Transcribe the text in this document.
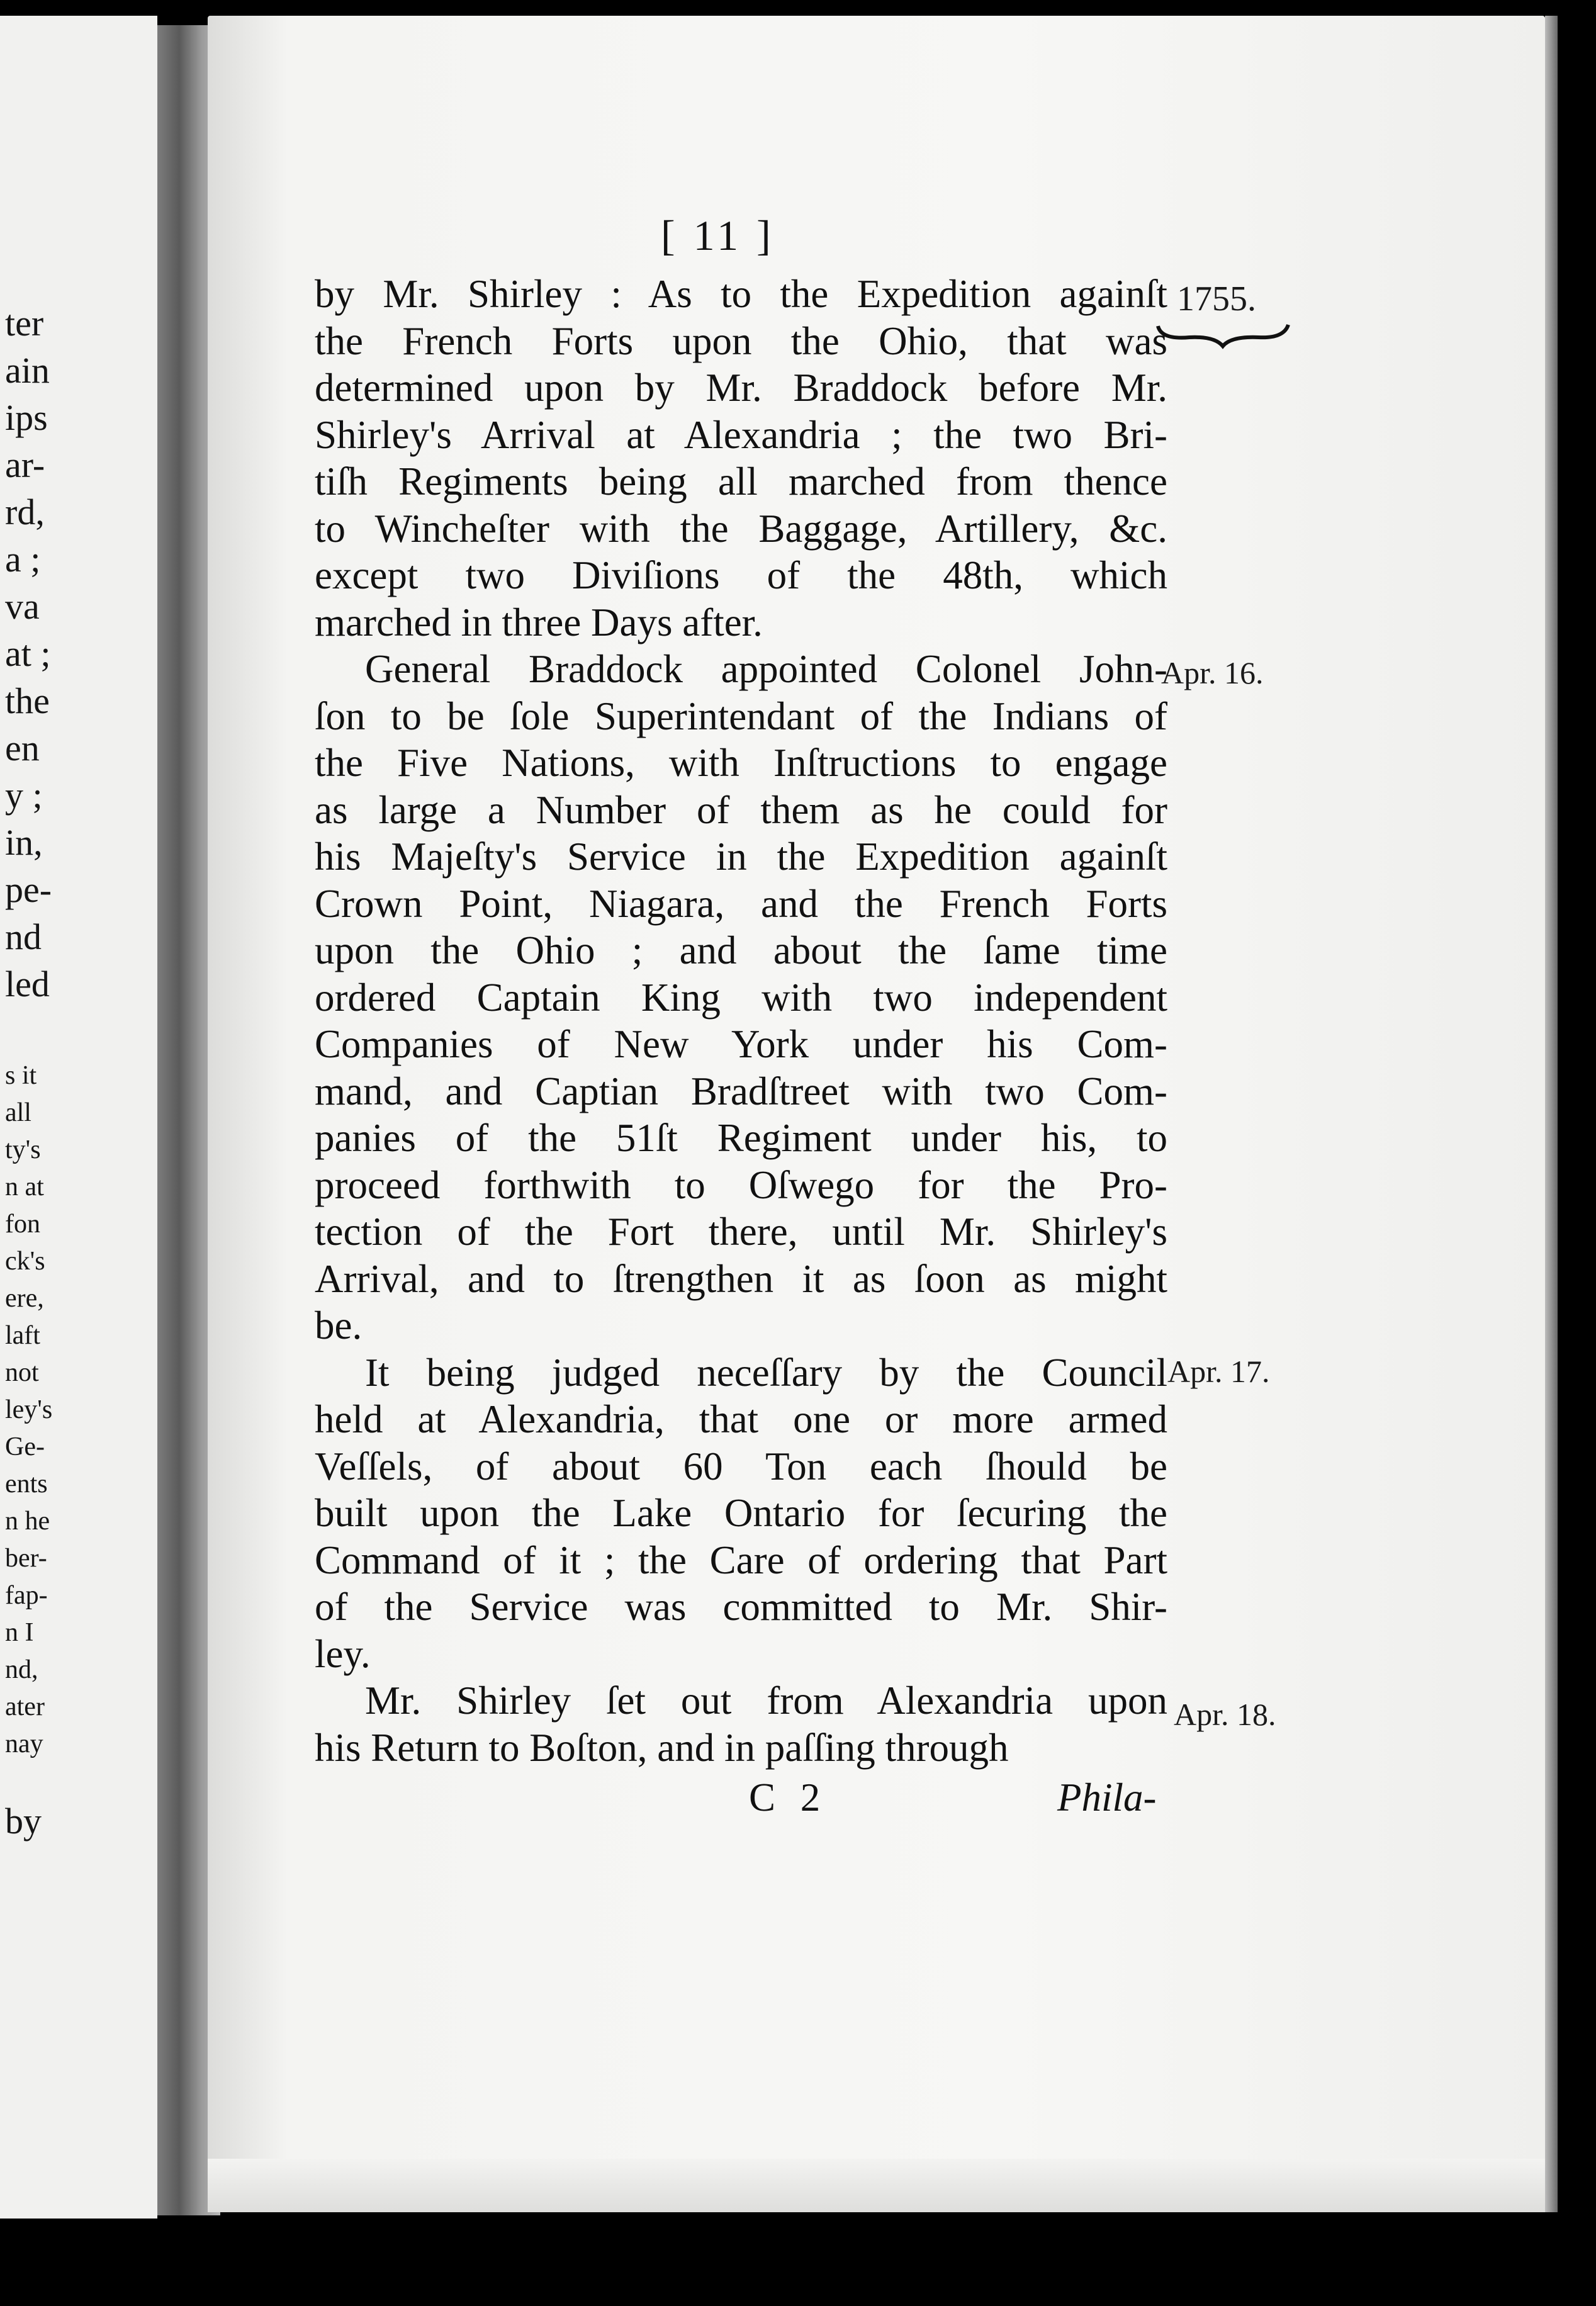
ter
ain
ips
ar-
rd,
a ;
va
at ;
the
en
y ;
in,
pe-
nd
led
s it
all
ty's
n at
fon
ck's
ere,
laft
not
ley's
Ge-
ents
n he
ber-
fap-
n I
nd,
ater
nay
by
[ 11 ]
1755.
by Mr. Shirley : As to the Expedition againſt
the French Forts upon the Ohio, that was
determined upon by Mr. Braddock before Mr.
Shirley's Arrival at Alexandria ; the two Bri-
tiſh Regiments being all marched from thence
to Wincheſter with the Baggage, Artillery, &c.
except two Diviſions of the 48th, which
marched in three Days after.
General Braddock appointed Colonel John-
ſon to be ſole Superintendant of the Indians of
the Five Nations, with Inſtructions to engage
as large a Number of them as he could for
his Majeſty's Service in the Expedition againſt
Crown Point, Niagara, and the French Forts
upon the Ohio ; and about the ſame time
ordered Captain King with two independent
Companies of New York under his Com-
mand, and Captian Bradſtreet with two Com-
panies of the 51ſt Regiment under his, to
proceed forthwith to Oſwego for the Pro-
tection of the Fort there, until Mr. Shirley's
Arrival, and to ſtrengthen it as ſoon as might
be.
It being judged neceſſary by the Council
held at Alexandria, that one or more armed
Veſſels, of about 60 Ton each ſhould be
built upon the Lake Ontario for ſecuring the
Command of it ; the Care of ordering that Part
of the Service was committed to Mr. Shir-
ley.
Mr. Shirley ſet out from Alexandria upon
his Return to Boſton, and in paſſing through
Apr. 16.
Apr. 17.
Apr. 18.
C 2	Phila-
